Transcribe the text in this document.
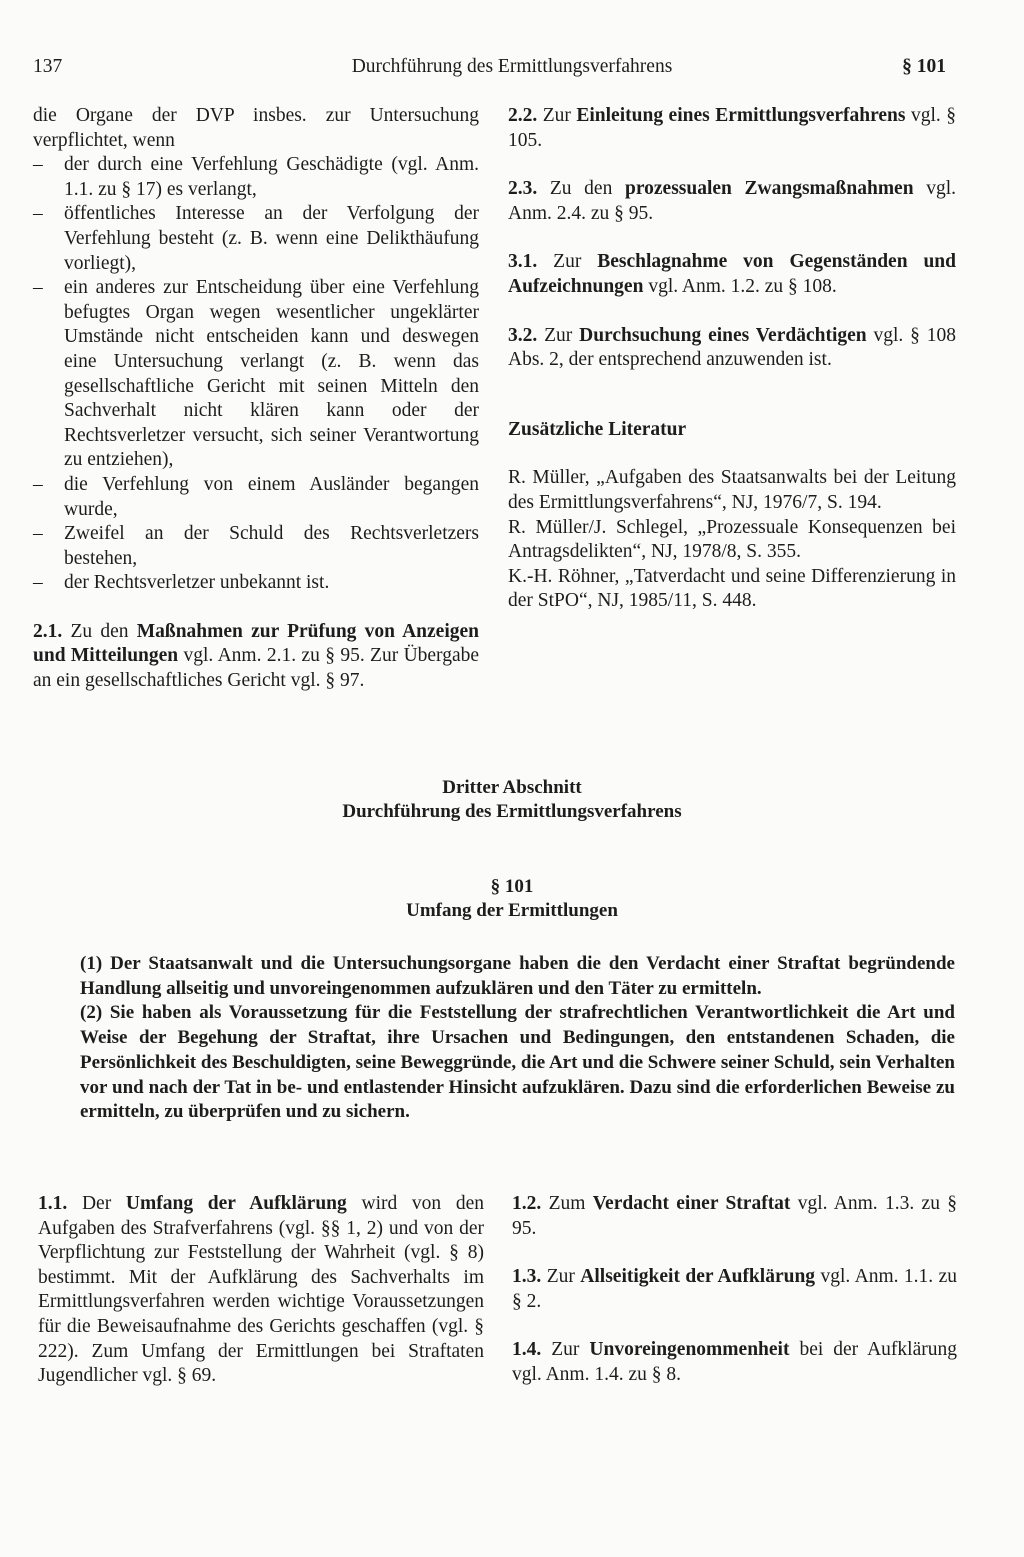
137	Durchführung des Ermittlungsverfahrens	§ 101

die Organe der DVP insbes. zur Untersuchung verpflichtet, wenn

– der durch eine Verfehlung Geschädigte (vgl. Anm. 1.1. zu § 17) es verlangt,
– öffentliches Interesse an der Verfolgung der Verfehlung besteht (z. B. wenn eine Delikthäufung vorliegt),
– ein anderes zur Entscheidung über eine Verfehlung befugtes Organ wegen wesentlicher ungeklärter Umstände nicht entscheiden kann und deswegen eine Untersuchung verlangt (z. B. wenn das gesellschaftliche Gericht mit seinen Mitteln den Sachverhalt nicht klären kann oder der Rechtsverletzer versucht, sich seiner Verantwortung zu entziehen),
– die Verfehlung von einem Ausländer begangen wurde,
– Zweifel an der Schuld des Rechtsverletzers bestehen,
– der Rechtsverletzer unbekannt ist.

2.1. Zu den Maßnahmen zur Prüfung von Anzeigen und Mitteilungen vgl. Anm. 2.1. zu § 95. Zur Übergabe an ein gesellschaftliches Gericht vgl. § 97.

2.2. Zur Einleitung eines Ermittlungsverfahrens vgl. § 105.

2.3. Zu den prozessualen Zwangsmaßnahmen vgl. Anm. 2.4. zu § 95.

3.1. Zur Beschlagnahme von Gegenständen und Aufzeichnungen vgl. Anm. 1.2. zu § 108.

3.2. Zur Durchsuchung eines Verdächtigen vgl. § 108 Abs. 2, der entsprechend anzuwenden ist.

Zusätzliche Literatur

R. Müller, „Aufgaben des Staatsanwalts bei der Leitung des Ermittlungsverfahrens“, NJ, 1976/7, S. 194.

R. Müller/J. Schlegel, „Prozessuale Konsequenzen bei Antragsdelikten“, NJ, 1978/8, S. 355.

K.-H. Röhner, „Tatverdacht und seine Differenzierung in der StPO“, NJ, 1985/11, S. 448.

Dritter Abschnitt
Durchführung des Ermittlungsverfahrens
§ 101
Umfang der Ermittlungen

(1) Der Staatsanwalt und die Untersuchungsorgane haben die den Verdacht einer Straftat begründende Handlung allseitig und unvoreingenommen aufzuklären und den Täter zu ermitteln.

(2) Sie haben als Voraussetzung für die Feststellung der strafrechtlichen Verantwortlichkeit die Art und Weise der Begehung der Straftat, ihre Ursachen und Bedingungen, den entstandenen Schaden, die Persönlichkeit des Beschuldigten, seine Beweggründe, die Art und die Schwere seiner Schuld, sein Verhalten vor und nach der Tat in be- und entlastender Hinsicht aufzuklären. Dazu sind die erforderlichen Beweise zu ermitteln, zu überprüfen und zu sichern.

1.1. Der Umfang der Aufklärung wird von den Aufgaben des Strafverfahrens (vgl. §§ 1, 2) und von der Verpflichtung zur Feststellung der Wahrheit (vgl. § 8) bestimmt. Mit der Aufklärung des Sachverhalts im Ermittlungsverfahren werden wichtige Voraussetzungen für die Beweisaufnahme des Gerichts geschaffen (vgl. § 222). Zum Umfang der Ermittlungen bei Straftaten Jugendlicher vgl. § 69.

1.2. Zum Verdacht einer Straftat vgl. Anm. 1.3. zu § 95.

1.3. Zur Allseitigkeit der Aufklärung vgl. Anm. 1.1. zu § 2.

1.4. Zur Unvoreingenommenheit bei der Aufklärung vgl. Anm. 1.4. zu § 8.
